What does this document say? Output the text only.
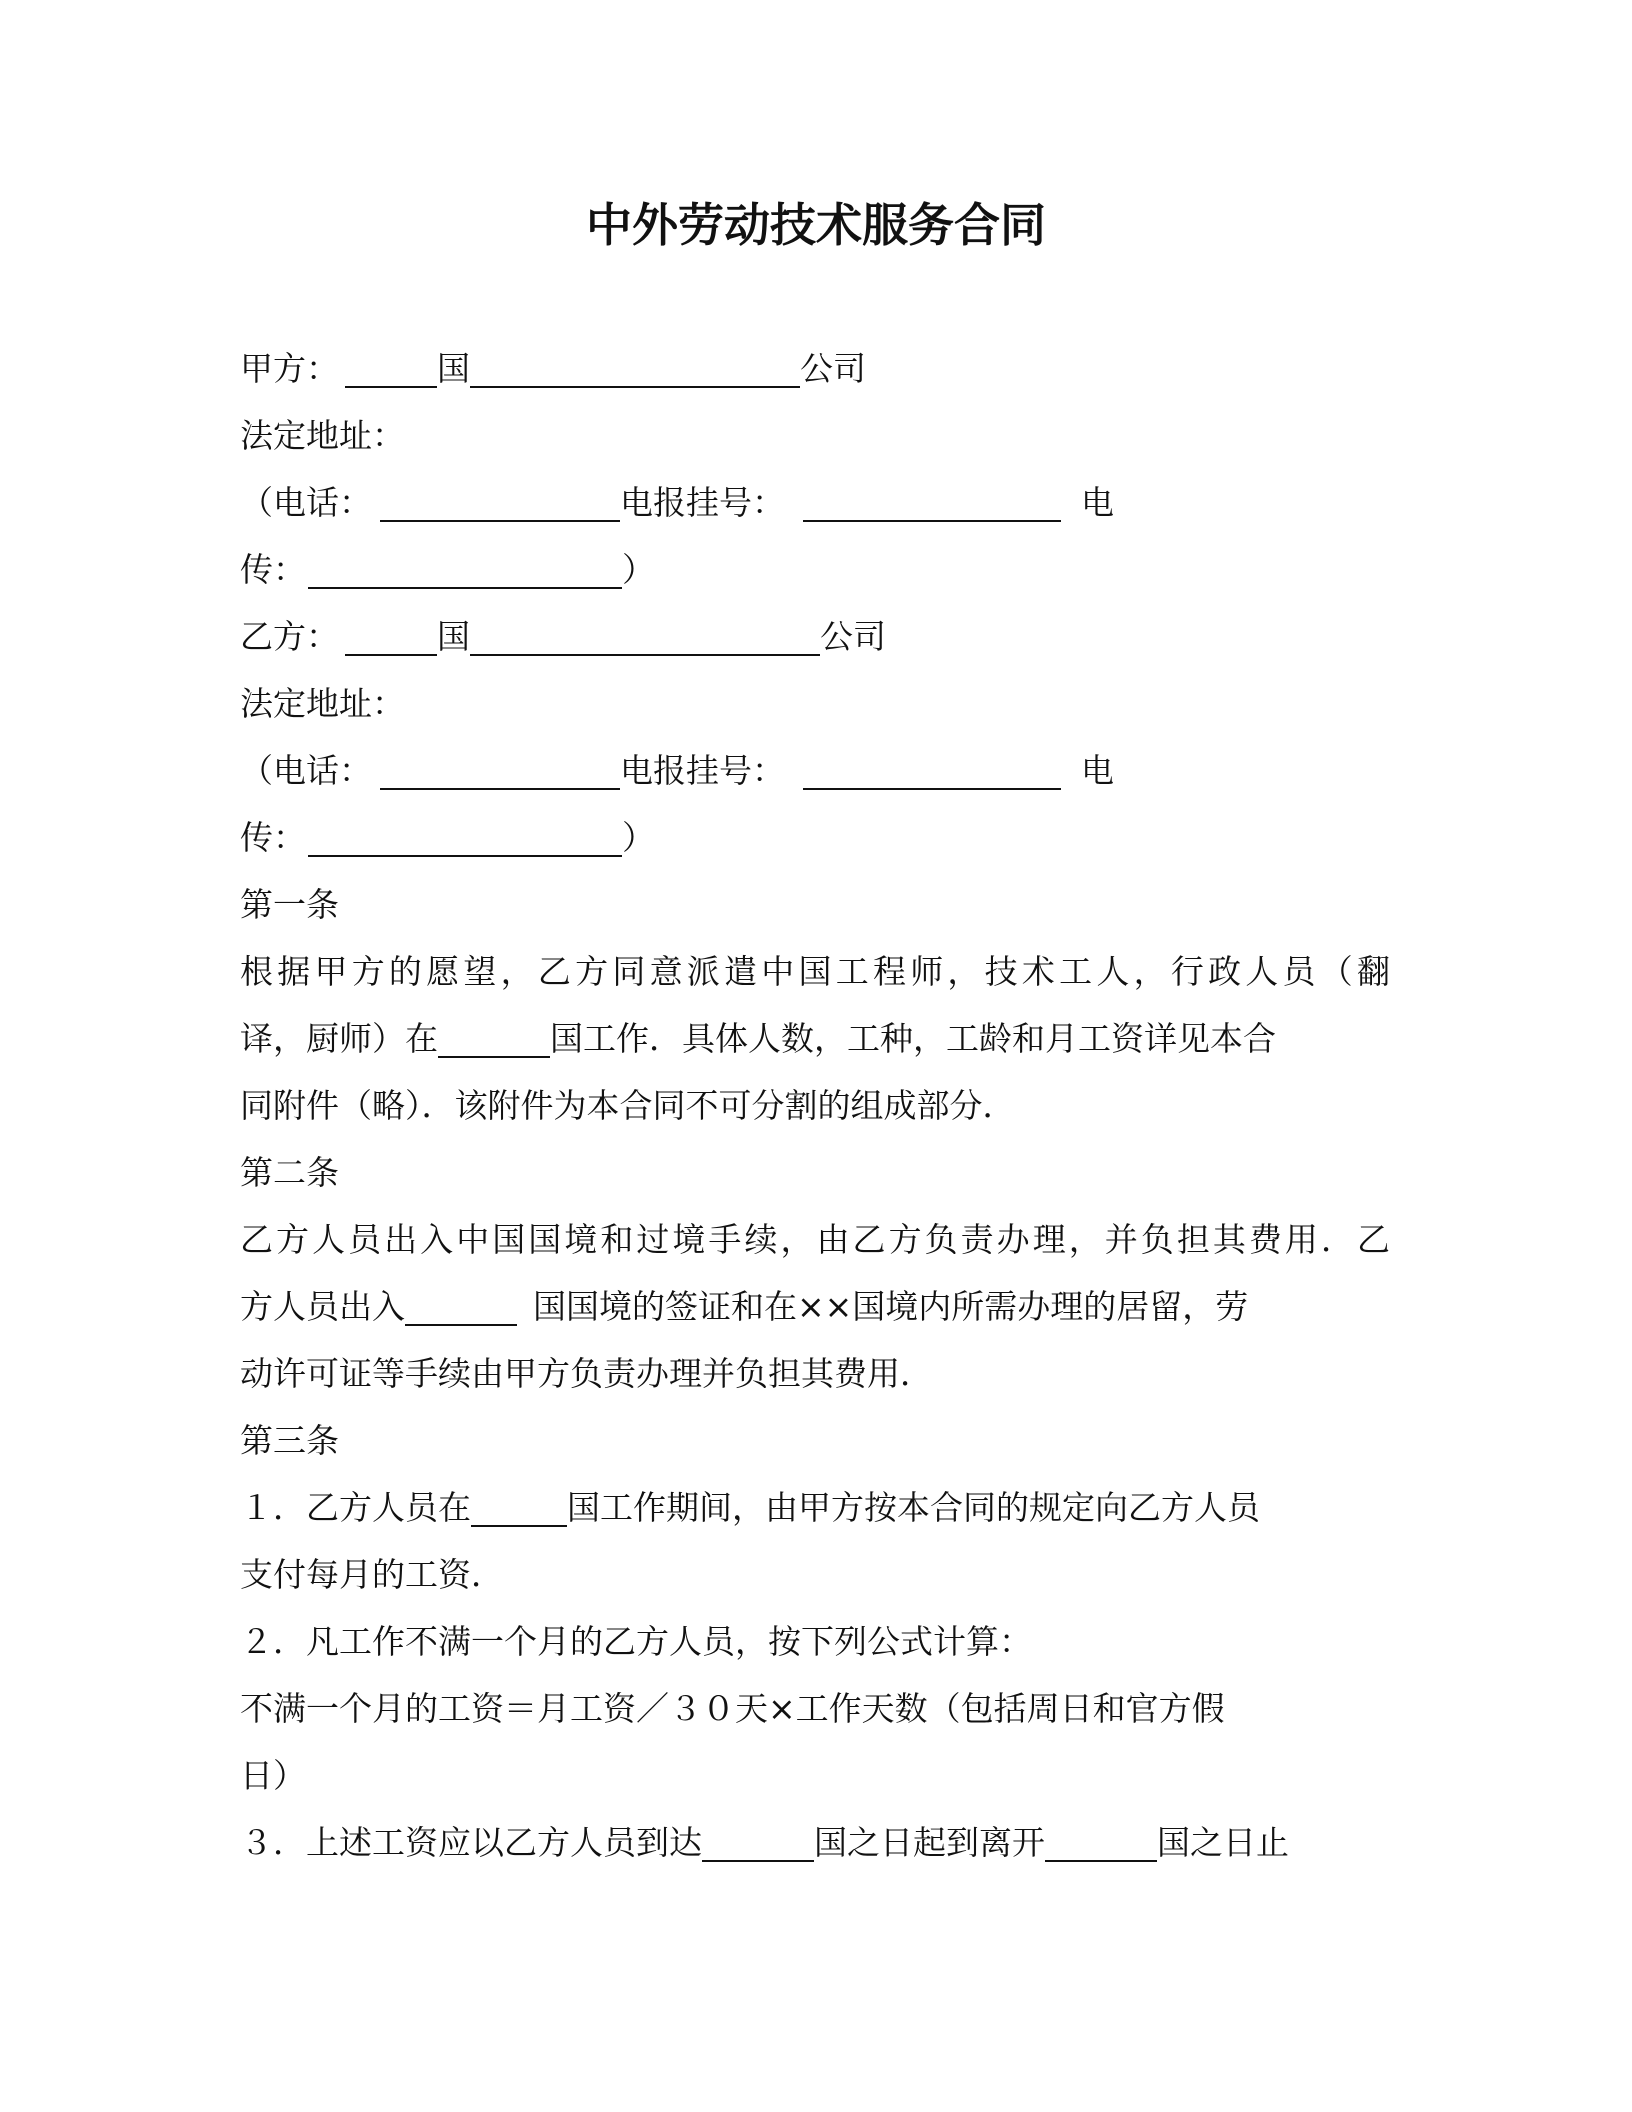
中外劳动技术服务合同
甲方：	国	公司
法定地址：
（电话：	电报挂号：	电
传：	）
乙方：	国	公司
法定地址：
（电话：	电报挂号：	电
传：	）
第一条
根据甲方的愿望，乙方同意派遣中国工程师，技术工人，行政人员（翻
译，厨师）在	国工作．具体人数，工种，工龄和月工资详见本合
同附件（略）．该附件为本合同不可分割的组成部分．
第二条
乙方人员出入中国国境和过境手续，由乙方负责办理，并负担其费用．乙
方人员出入	国国境的签证和在××国境内所需办理的居留，劳
动许可证等手续由甲方负责办理并负担其费用．
第三条
１．乙方人员在	国工作期间，由甲方按本合同的规定向乙方人员
支付每月的工资．
２．凡工作不满一个月的乙方人员，按下列公式计算：
不满一个月的工资＝月工资／３０天×工作天数（包括周日和官方假
日）
３．上述工资应以乙方人员到达	国之日起到离开	国之日止
